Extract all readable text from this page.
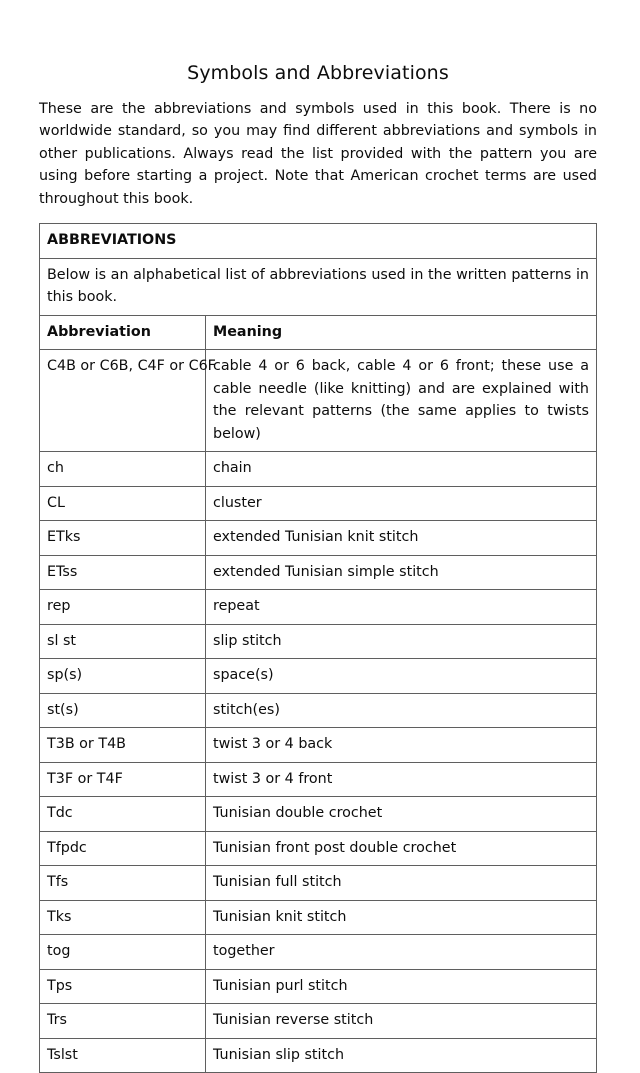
Symbols and Abbreviations

These are the abbreviations and symbols used in this book. There is no worldwide standard, so you may find different abbreviations and symbols in other publications. Always read the list provided with the pattern you are using before starting a project. Note that American crochet terms are used throughout this book.

ABBREVIATIONS	
Below is an alphabetical list of abbreviations used in the written patterns in this book.	
Abbreviation	Meaning
C4B or C6B, C4F or C6F	cable 4 or 6 back, cable 4 or 6 front; these use a cable needle (like knitting) and are explained with the relevant patterns (the same applies to twists below)
ch	chain
CL	cluster
ETks	extended Tunisian knit stitch
ETss	extended Tunisian simple stitch
rep	repeat
sl st	slip stitch
sp(s)	space(s)
st(s)	stitch(es)
T3B or T4B	twist 3 or 4 back
T3F or T4F	twist 3 or 4 front
Tdc	Tunisian double crochet
Tfpdc	Tunisian front post double crochet
Tfs	Tunisian full stitch
Tks	Tunisian knit stitch
tog	together
Tps	Tunisian purl stitch
Trs	Tunisian reverse stitch
Tslst	Tunisian slip stitch
